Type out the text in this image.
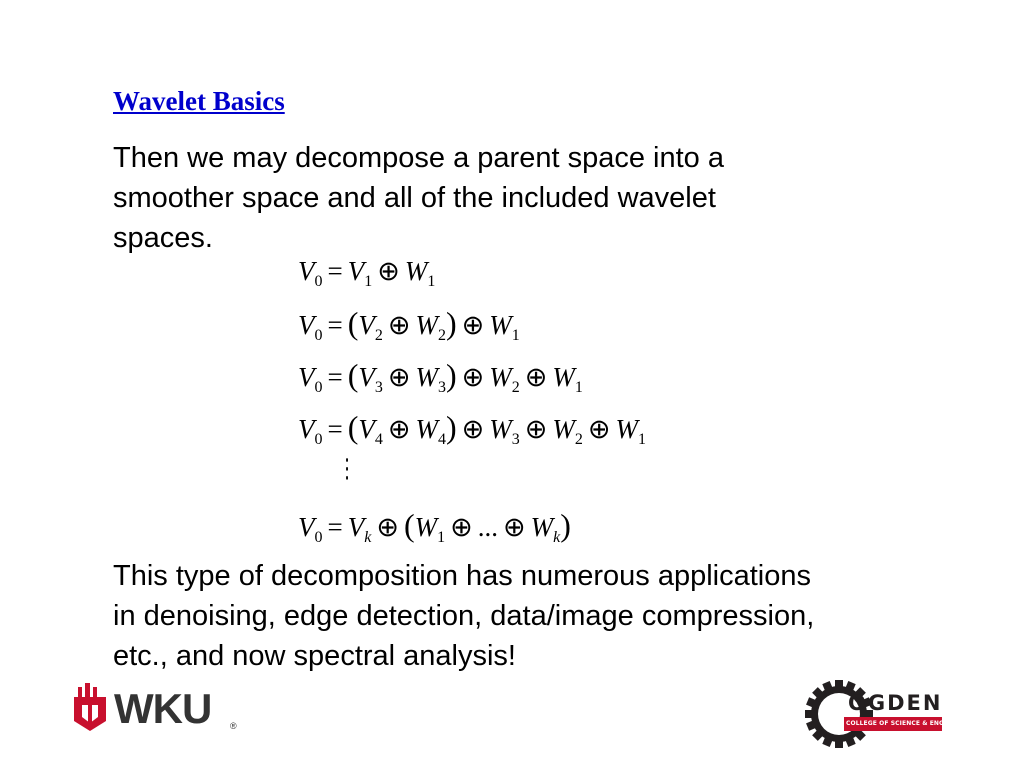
Wavelet Basics
Then we may decompose a parent space into a
smoother space and all of the included wavelet
spaces.
$V_0 = V_1$ ⊕ $W_1$
$V_0 = (V_2$ ⊕ $W_2$) ⊕ $W_1$
$V_0 = (V_3$ ⊕ $W_3$) ⊕ $W_2$ ⊕ $W_1$
$V_0 = (V_4$ ⊕ $W_4$) ⊕ $W_3$ ⊕ $W_2$ ⊕ $W_1$
⋮
$V_0 = V_k$ ⊕ ($W_1$ ⊕ ... ⊕ $W_k$)
This type of decomposition has numerous applications
in denoising, edge detection, data/image compression,
etc., and now spectral analysis!
WKU ®
OGDEN
COLLEGE OF SCIENCE & ENGINEERING
